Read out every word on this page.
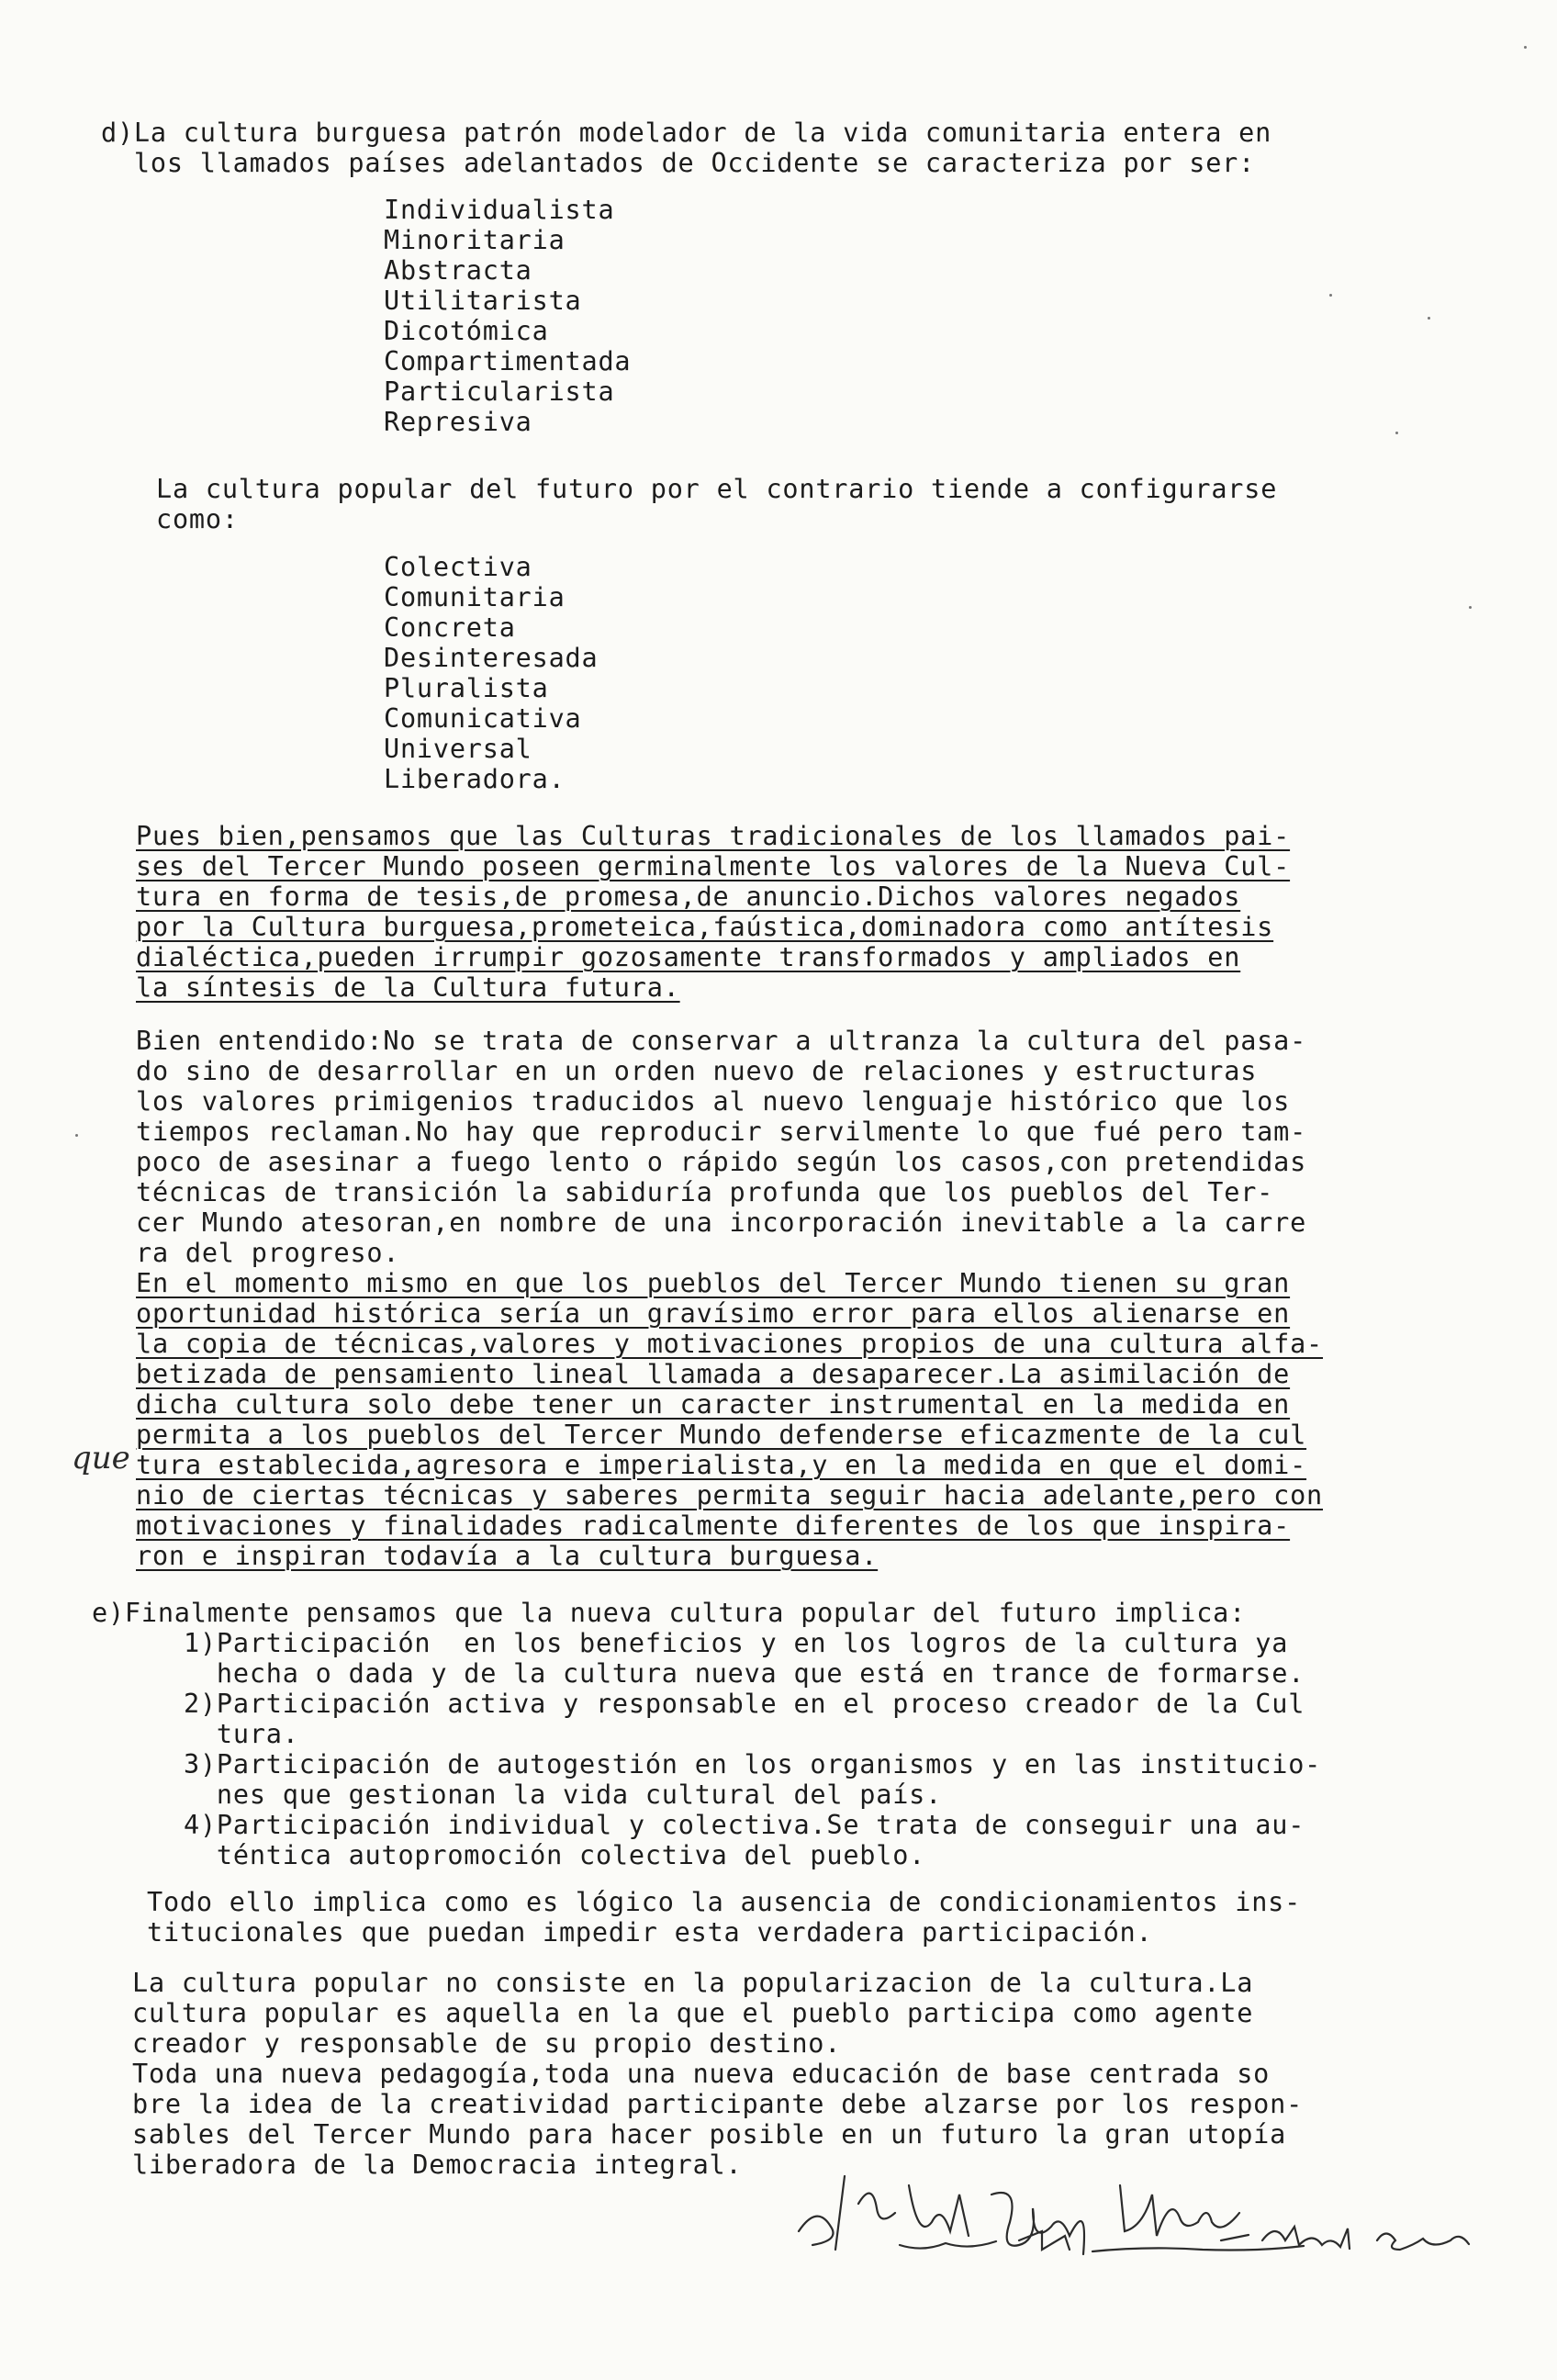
d)La cultura burguesa patrón modelador de la vida comunitaria entera en
los llamados países adelantados de Occidente se caracteriza por ser:
Individualista
Minoritaria
Abstracta
Utilitarista
Dicotómica
Compartimentada
Particularista
Represiva
La cultura popular del futuro por el contrario tiende a configurarse
como:
Colectiva
Comunitaria
Concreta
Desinteresada
Pluralista
Comunicativa
Universal
Liberadora.
Pues bien,pensamos que las Culturas tradicionales de los llamados pai-
ses del Tercer Mundo poseen germinalmente los valores de la Nueva Cul-
tura en forma de tesis,de promesa,de anuncio.Dichos valores negados
por la Cultura burguesa,prometeica,faústica,dominadora como antítesis
dialéctica,pueden irrumpir gozosamente transformados y ampliados en
la síntesis de la Cultura futura.
Bien entendido:No se trata de conservar a ultranza la cultura del pasa-
do sino de desarrollar en un orden nuevo de relaciones y estructuras
los valores primigenios traducidos al nuevo lenguaje histórico que los
tiempos reclaman.No hay que reproducir servilmente lo que fué pero tam-
poco de asesinar a fuego lento o rápido según los casos,con pretendidas
técnicas de transición la sabiduría profunda que los pueblos del Ter-
cer Mundo atesoran,en nombre de una incorporación inevitable a la carre
ra del progreso.
En el momento mismo en que los pueblos del Tercer Mundo tienen su gran
oportunidad histórica sería un gravísimo error para ellos alienarse en
la copia de técnicas,valores y motivaciones propios de una cultura alfa-
betizada de pensamiento lineal llamada a desaparecer.La asimilación de
dicha cultura solo debe tener un caracter instrumental en la medida en
permita a los pueblos del Tercer Mundo defenderse eficazmente de la cul
tura establecida,agresora e imperialista,y en la medida en que el domi-
nio de ciertas técnicas y saberes permita seguir hacia adelante,pero con
motivaciones y finalidades radicalmente diferentes de los que inspira-
ron e inspiran todavía a la cultura burguesa.
que
e)Finalmente pensamos que la nueva cultura popular del futuro implica:
1)Participación  en los beneficios y en los logros de la cultura ya
hecha o dada y de la cultura nueva que está en trance de formarse.
2)Participación activa y responsable en el proceso creador de la Cul
tura.
3)Participación de autogestión en los organismos y en las institucio-
nes que gestionan la vida cultural del país.
4)Participación individual y colectiva.Se trata de conseguir una au-
téntica autopromoción colectiva del pueblo.
Todo ello implica como es lógico la ausencia de condicionamientos ins-
titucionales que puedan impedir esta verdadera participación.
La cultura popular no consiste en la popularizacion de la cultura.La
cultura popular es aquella en la que el pueblo participa como agente
creador y responsable de su propio destino.
Toda una nueva pedagogía,toda una nueva educación de base centrada so
bre la idea de la creatividad participante debe alzarse por los respon-
sables del Tercer Mundo para hacer posible en un futuro la gran utopía
liberadora de la Democracia integral.
